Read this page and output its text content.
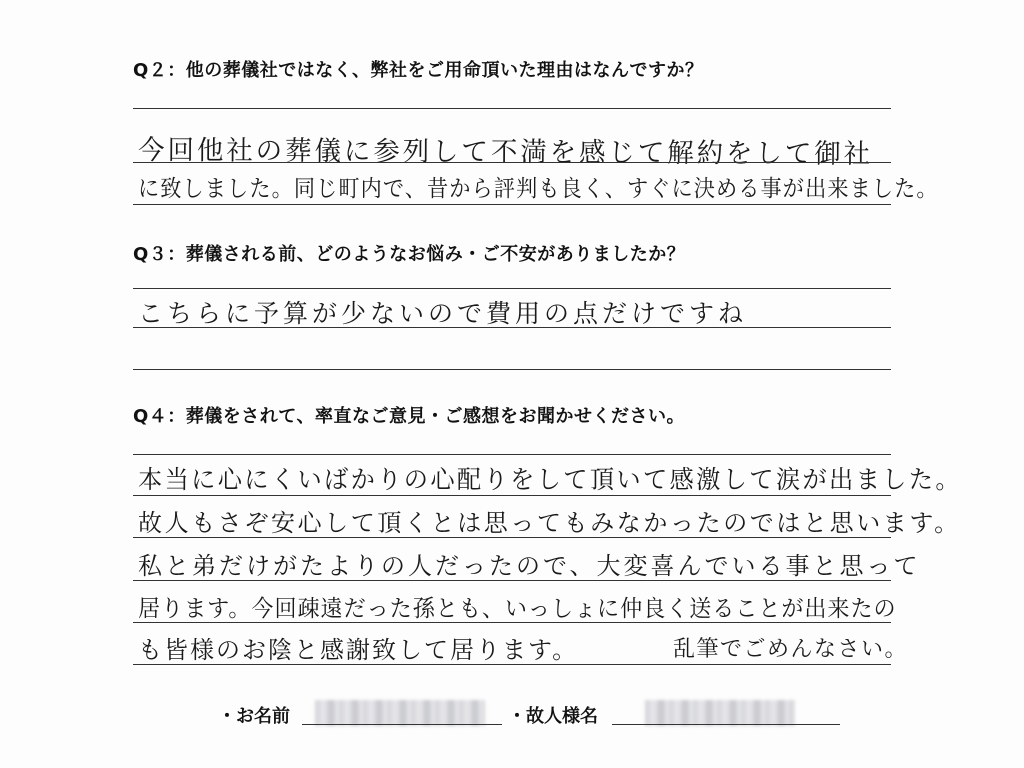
Q２：他の葬儀社ではなく、弊社をご用命頂いた理由はなんですか？
今回他社の葬儀に参列して不満を感じて解約をして御社
に致しました。同じ町内で、昔から評判も良く、すぐに決める事が出来ました。
Q３：葬儀される前、どのようなお悩み・ご不安がありましたか？
こちらに予算が少ないので費用の点だけですね
Q４：葬儀をされて、率直なご意見・ご感想をお聞かせください。
本当に心にくいばかりの心配りをして頂いて感激して涙が出ました。
故人もさぞ安心して頂くとは思ってもみなかったのではと思います。
私と弟だけがたよりの人だったので、大変喜んでいる事と思って
居ります。今回疎遠だった孫とも、いっしょに仲良く送ることが出来たの
も皆様のお陰と感謝致して居ります。	乱筆でごめんなさい。
・お名前	・故人様名
